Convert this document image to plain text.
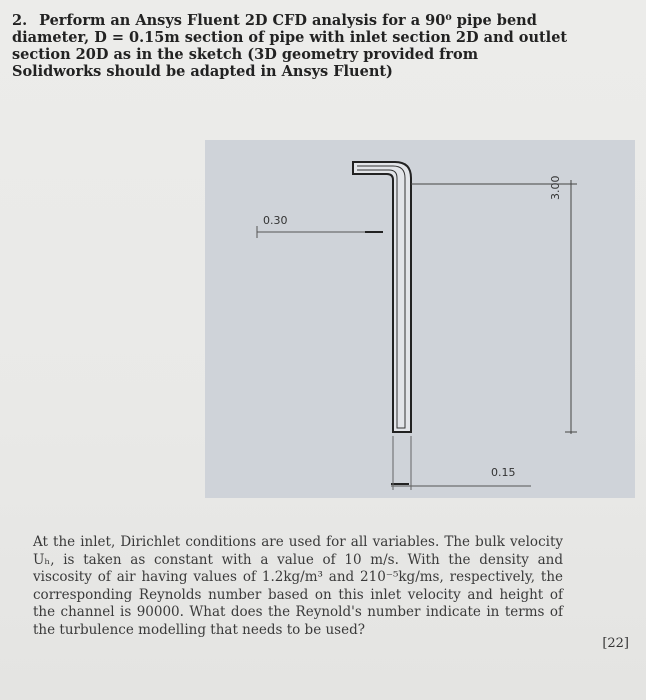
2. Perform an Ansys Fluent 2D CFD analysis for a 90⁰ pipe bend diameter, D = 0.15m section of pipe with inlet section 2D and outlet section 20D as in the sketch (3D geometry provided from Solidworks should be adapted in Ansys Fluent)
0.30
0.15
3.00
At the inlet, Dirichlet conditions are used for all variables. The bulk velocity Uₕ, is taken as constant with a value of 10 m/s. With the density and viscosity of air having values of 1.2kg/m³ and 210⁻⁵kg/ms, respectively, the corresponding Reynolds number based on this inlet velocity and height of the channel is 90000. What does the Reynold's number indicate in terms of the turbulence modelling that needs to be used?
[22]
